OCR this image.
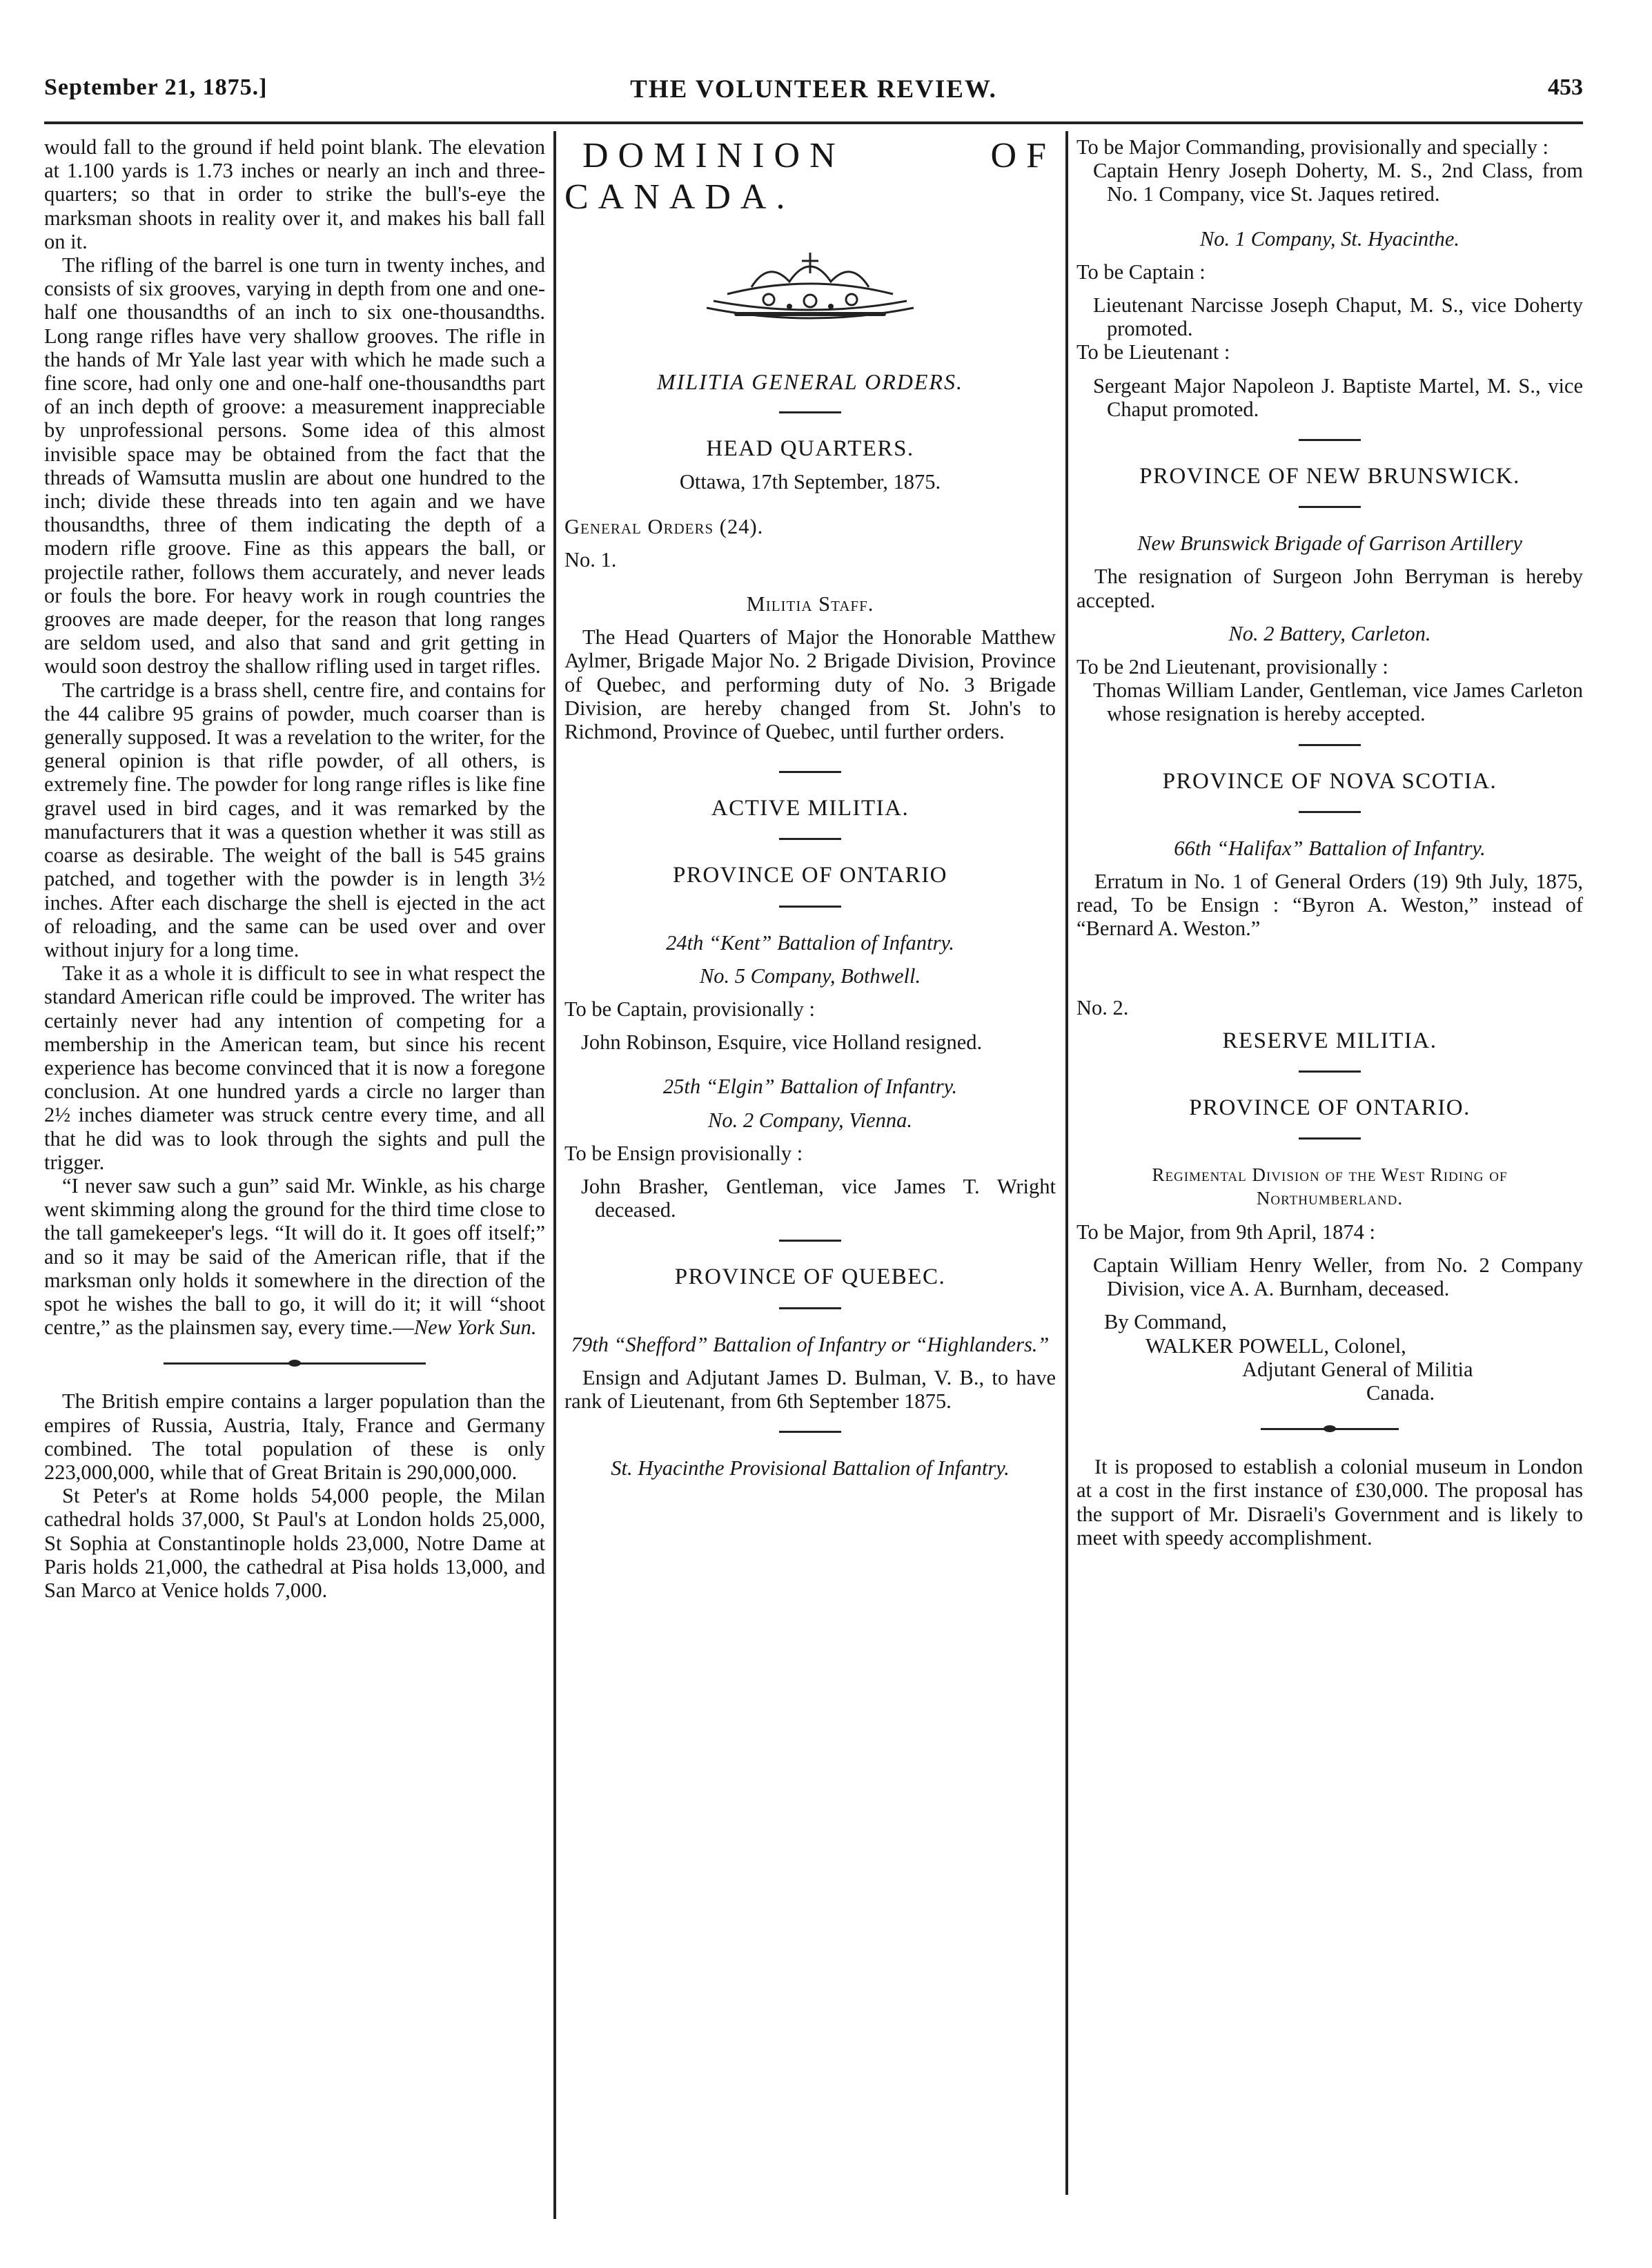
September 21, 1875.]	THE VOLUNTEER REVIEW.	453

would fall to the ground if held point blank. The elevation at 1.100 yards is 1.73 inches or nearly an inch and three-quarters; so that in order to strike the bull's-eye the marksman shoots in reality over it, and makes his ball fall on it.

The rifling of the barrel is one turn in twenty inches, and consists of six grooves, varying in depth from one and one-half one thousandths of an inch to six one-thousandths. Long range rifles have very shallow grooves. The rifle in the hands of Mr Yale last year with which he made such a fine score, had only one and one-half one-thousandths part of an inch depth of groove: a measurement inappreciable by unprofessional persons. Some idea of this almost invisible space may be obtained from the fact that the threads of Wamsutta muslin are about one hundred to the inch; divide these threads into ten again and we have thousandths, three of them indicating the depth of a modern rifle groove. Fine as this appears the ball, or projectile rather, follows them accurately, and never leads or fouls the bore. For heavy work in rough countries the grooves are made deeper, for the reason that long ranges are seldom used, and also that sand and grit getting in would soon destroy the shallow rifling used in target rifles.

The cartridge is a brass shell, centre fire, and contains for the 44 calibre 95 grains of powder, much coarser than is generally supposed. It was a revelation to the writer, for the general opinion is that rifle powder, of all others, is extremely fine. The powder for long range rifles is like fine gravel used in bird cages, and it was remarked by the manufacturers that it was a question whether it was still as coarse as desirable. The weight of the ball is 545 grains patched, and together with the powder is in length 3½ inches. After each discharge the shell is ejected in the act of reloading, and the same can be used over and over without injury for a long time.

Take it as a whole it is difficult to see in what respect the standard American rifle could be improved. The writer has certainly never had any intention of competing for a membership in the American team, but since his recent experience has become convinced that it is now a foregone conclusion. At one hundred yards a circle no larger than 2½ inches diameter was struck centre every time, and all that he did was to look through the sights and pull the trigger.

“I never saw such a gun” said Mr. Winkle, as his charge went skimming along the ground for the third time close to the tall gamekeeper's legs. “It will do it. It goes off itself;” and so it may be said of the American rifle, that if the marksman only holds it somewhere in the direction of the spot he wishes the ball to go, it will do it; it will “shoot centre,” as the plainsmen say, every time.—New York Sun.

The British empire contains a larger population than the empires of Russia, Austria, Italy, France and Germany combined. The total population of these is only 223,000,000, while that of Great Britain is 290,000,000.

St Peter's at Rome holds 54,000 people, the Milan cathedral holds 37,000, St Paul's at London holds 25,000, St Sophia at Constantinople holds 23,000, Notre Dame at Paris holds 21,000, the cathedral at Pisa holds 13,000, and San Marco at Venice holds 7,000.

DOMINION OF CANADA.

MILITIA GENERAL ORDERS.

HEAD QUARTERS.

Ottawa, 17th September, 1875.

General Orders (24).

No. 1.

Militia Staff.

The Head Quarters of Major the Honorable Matthew Aylmer, Brigade Major No. 2 Brigade Division, Province of Quebec, and performing duty of No. 3 Brigade Division, are hereby changed from St. John's to Richmond, Province of Quebec, until further orders.

ACTIVE MILITIA.

PROVINCE OF ONTARIO

24th “Kent” Battalion of Infantry.

No. 5 Company, Bothwell.

To be Captain, provisionally :

John Robinson, Esquire, vice Holland resigned.

25th “Elgin” Battalion of Infantry.

No. 2 Company, Vienna.

To be Ensign provisionally :

John Brasher, Gentleman, vice James T. Wright deceased.

PROVINCE OF QUEBEC.

79th “Shefford” Battalion of Infantry or “Highlanders.”

Ensign and Adjutant James D. Bulman, V. B., to have rank of Lieutenant, from 6th September 1875.

St. Hyacinthe Provisional Battalion of Infantry.

To be Major Commanding, provisionally and specially :

Captain Henry Joseph Doherty, M. S., 2nd Class, from No. 1 Company, vice St. Jaques retired.

No. 1 Company, St. Hyacinthe.

To be Captain :

Lieutenant Narcisse Joseph Chaput, M. S., vice Doherty promoted.

To be Lieutenant :

Sergeant Major Napoleon J. Baptiste Martel, M. S., vice Chaput promoted.

PROVINCE OF NEW BRUNSWICK.

New Brunswick Brigade of Garrison Artillery

The resignation of Surgeon John Berryman is hereby accepted.

No. 2 Battery, Carleton.

To be 2nd Lieutenant, provisionally :

Thomas William Lander, Gentleman, vice James Carleton whose resignation is hereby accepted.

PROVINCE OF NOVA SCOTIA.

66th “Halifax” Battalion of Infantry.

Erratum in No. 1 of General Orders (19) 9th July, 1875, read, To be Ensign : “Byron A. Weston,” instead of “Bernard A. Weston.”

No. 2.

RESERVE MILITIA.

PROVINCE OF ONTARIO.

Regimental Division of the West Riding of Northumberland.

To be Major, from 9th April, 1874 :

Captain William Henry Weller, from No. 2 Company Division, vice A. A. Burnham, deceased.

By Command,

WALKER POWELL, Colonel,

Adjutant General of Militia

Canada.

It is proposed to establish a colonial museum in London at a cost in the first instance of £30,000. The proposal has the support of Mr. Disraeli's Government and is likely to meet with speedy accomplishment.
